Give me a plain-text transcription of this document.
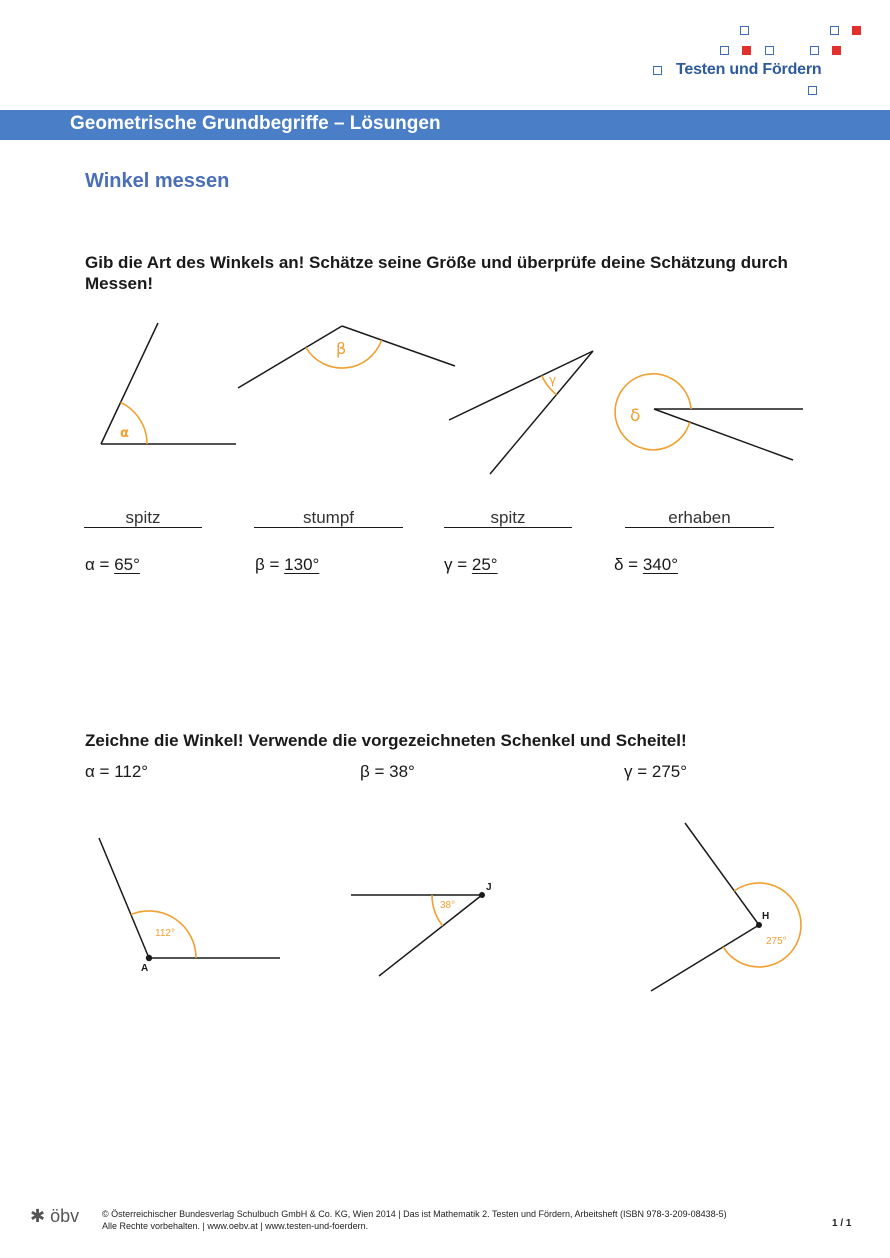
Testen und Fördern
Geometrische Grundbegriffe – Lösungen
Winkel messen
Gib die Art des Winkels an! Schätze seine Größe und überprüfe deine Schätzung durch Messen!
α
β
γ
δ
spitz	stumpf	spitz	erhaben
α = 65°	β = 130°	γ = 25°	δ = 340°
Zeichne die Winkel! Verwende die vorgezeichneten Schenkel und Scheitel!
α = 112°	β = 38°	γ = 275°
A
112°
J
38°
H
275°
✱ öbv	© Österreichischer Bundesverlag Schulbuch GmbH & Co. KG, Wien 2014 | Das ist Mathematik 2. Testen und Fördern, Arbeitsheft (ISBN 978-3-209-08438-5)
Alle Rechte vorbehalten. | www.oebv.at | www.testen-und-foerdern.	1 / 1
